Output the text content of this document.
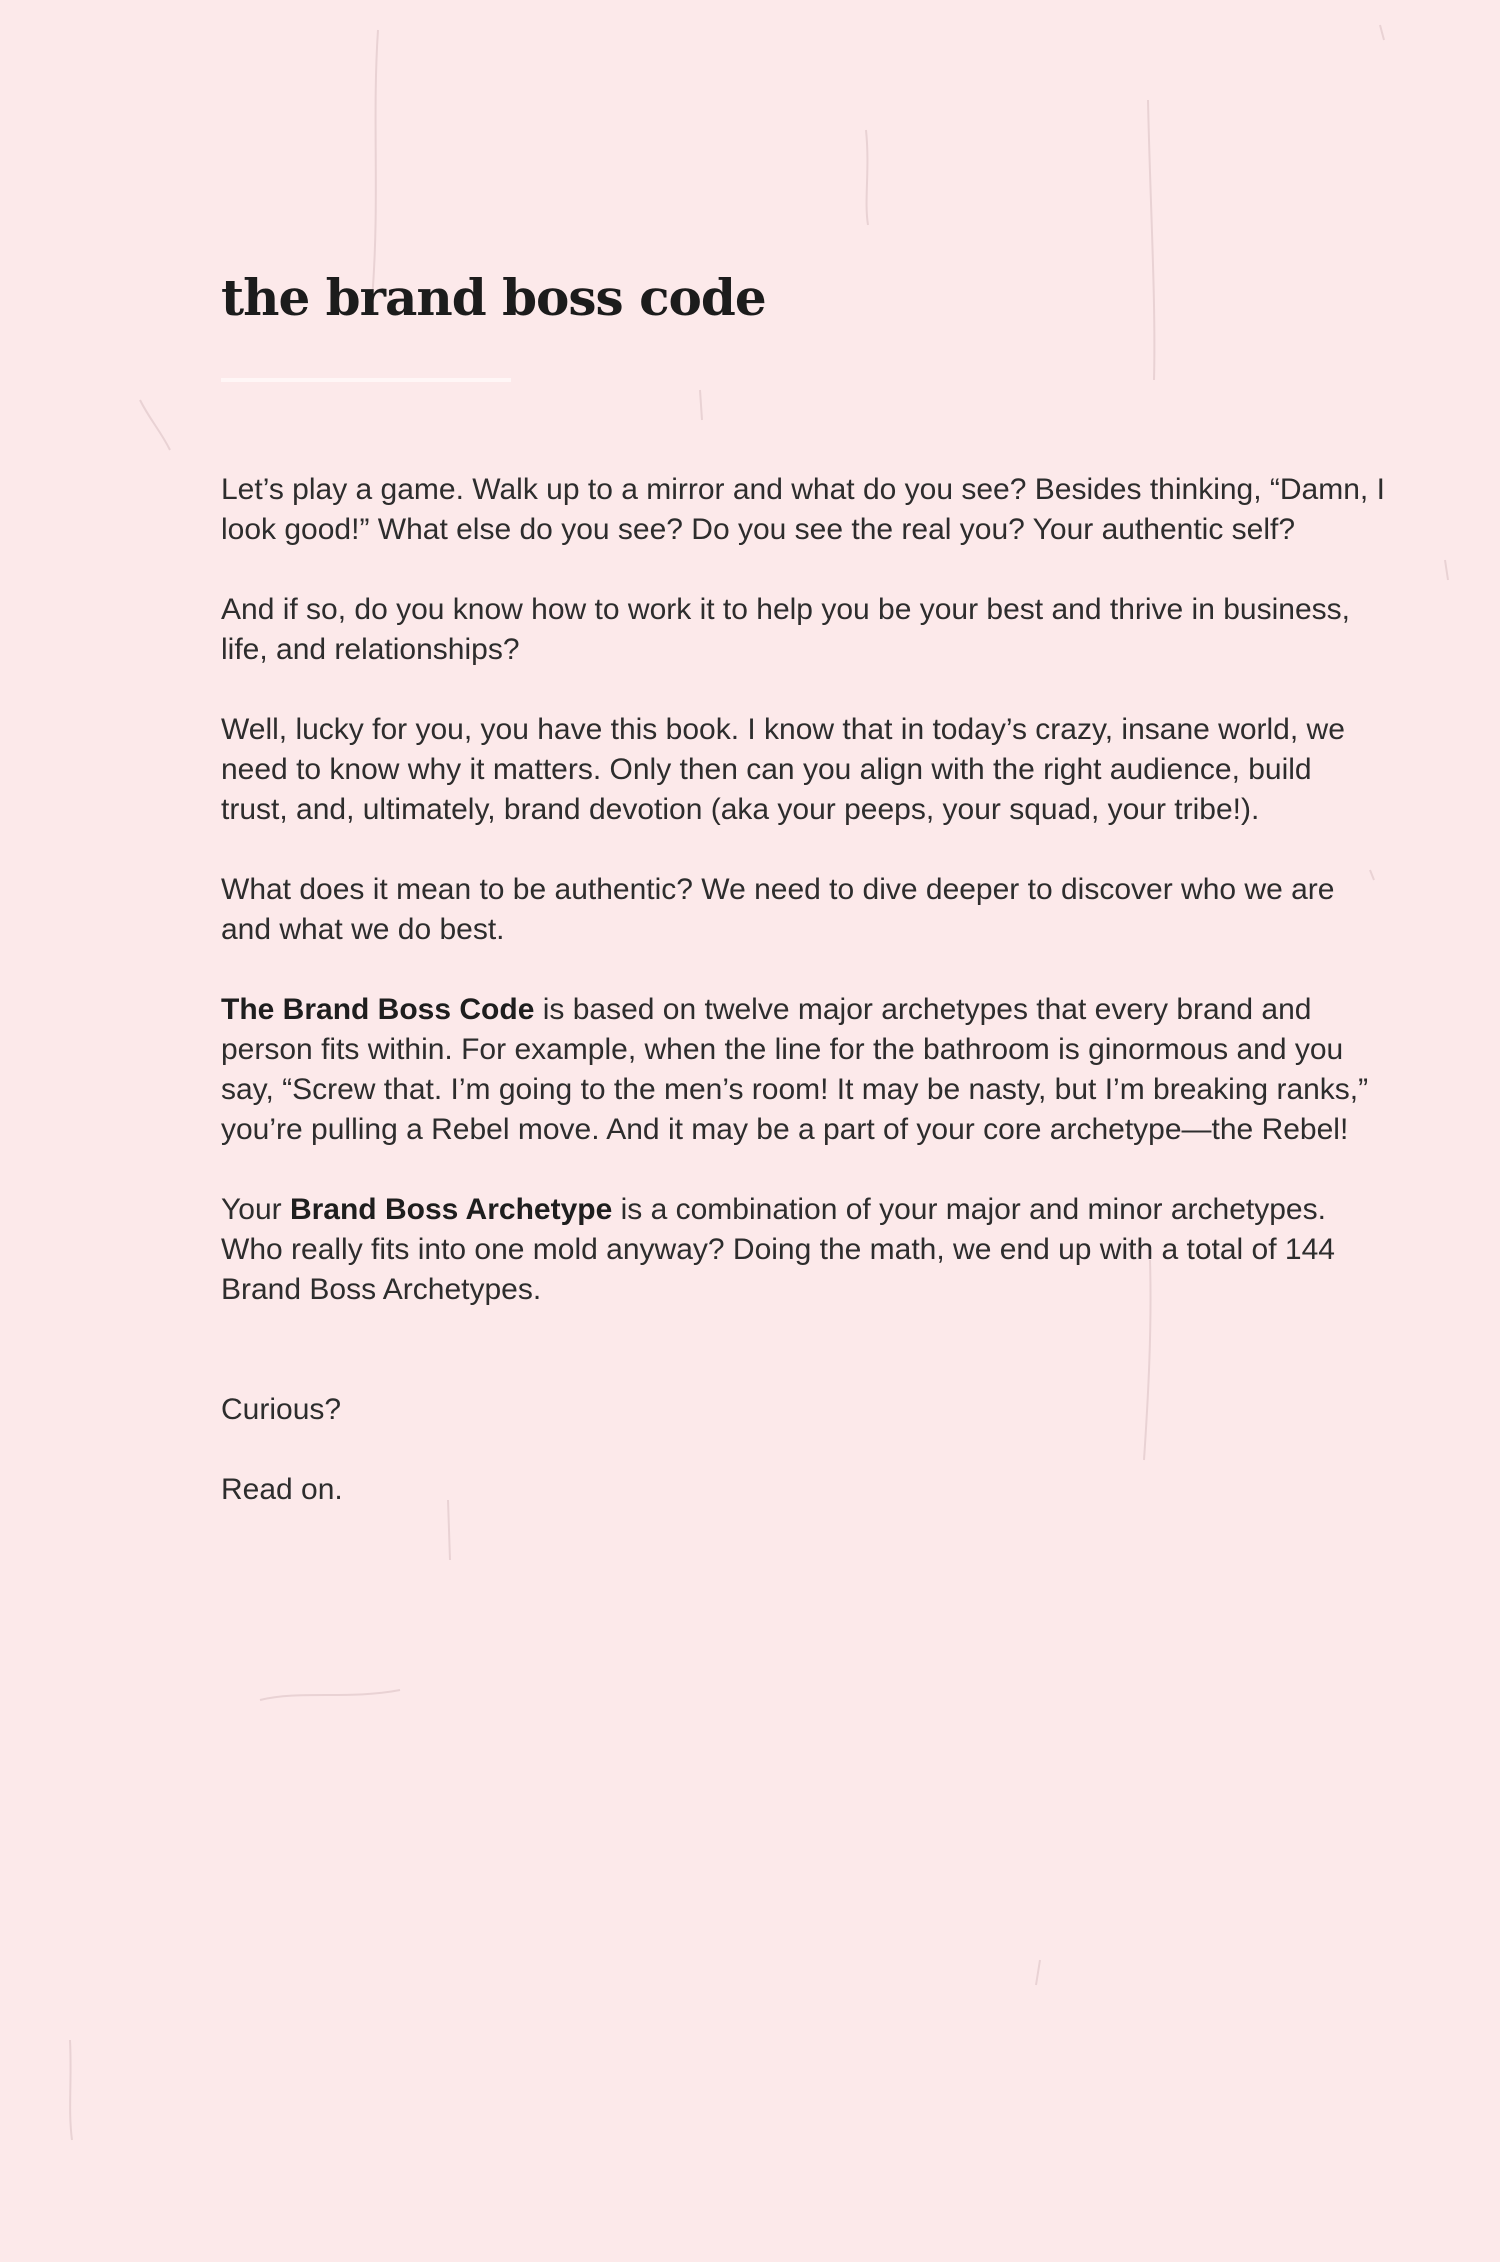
the brand boss code

Let’s play a game. Walk up to a mirror and what do you see? Besides thinking, “Damn, I look good!” What else do you see? Do you see the real you? Your authentic self?

And if so, do you know how to work it to help you be your best and thrive in business, life, and relationships?

Well, lucky for you, you have this book. I know that in today’s crazy, insane world, we need to know why it matters. Only then can you align with the right audience, build trust, and, ultimately, brand devotion (aka your peeps, your squad, your tribe!).

What does it mean to be authentic? We need to dive deeper to discover who we are and what we do best.

The Brand Boss Code is based on twelve major archetypes that every brand and person fits within. For example, when the line for the bathroom is ginormous and you say, “Screw that. I’m going to the men’s room! It may be nasty, but I’m breaking ranks,” you’re pulling a Rebel move. And it may be a part of your core archetype—the Rebel!

Your Brand Boss Archetype is a combination of your major and minor archetypes. Who really fits into one mold anyway? Doing the math, we end up with a total of 144 Brand Boss Archetypes.

Curious?

Read on.
